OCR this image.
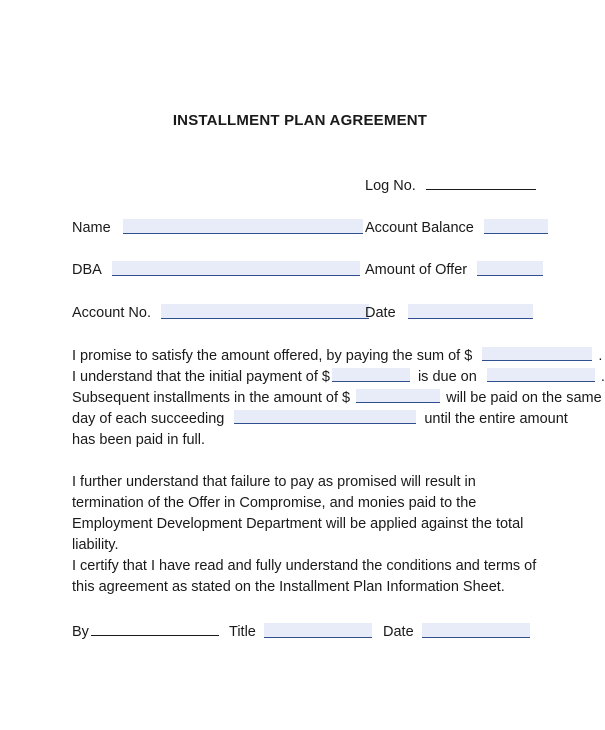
INSTALLMENT PLAN AGREEMENT
Log No.
Name	Account Balance
DBA	Amount of Offer
Account No.	Date
I promise to satisfy the amount offered, by paying the sum of $	.
I understand that the initial payment of $	is due on	.
Subsequent installments in the amount of $	will be paid on the same
day of each succeeding	until the entire amount
has been paid in full.
I further understand that failure to pay as promised will result in termination of the Offer in Compromise, and monies paid to the Employment Development Department will be applied against the total liability.
I certify that I have read and fully understand the conditions and terms of this agreement as stated on the Installment Plan Information Sheet.
By	Title	Date
